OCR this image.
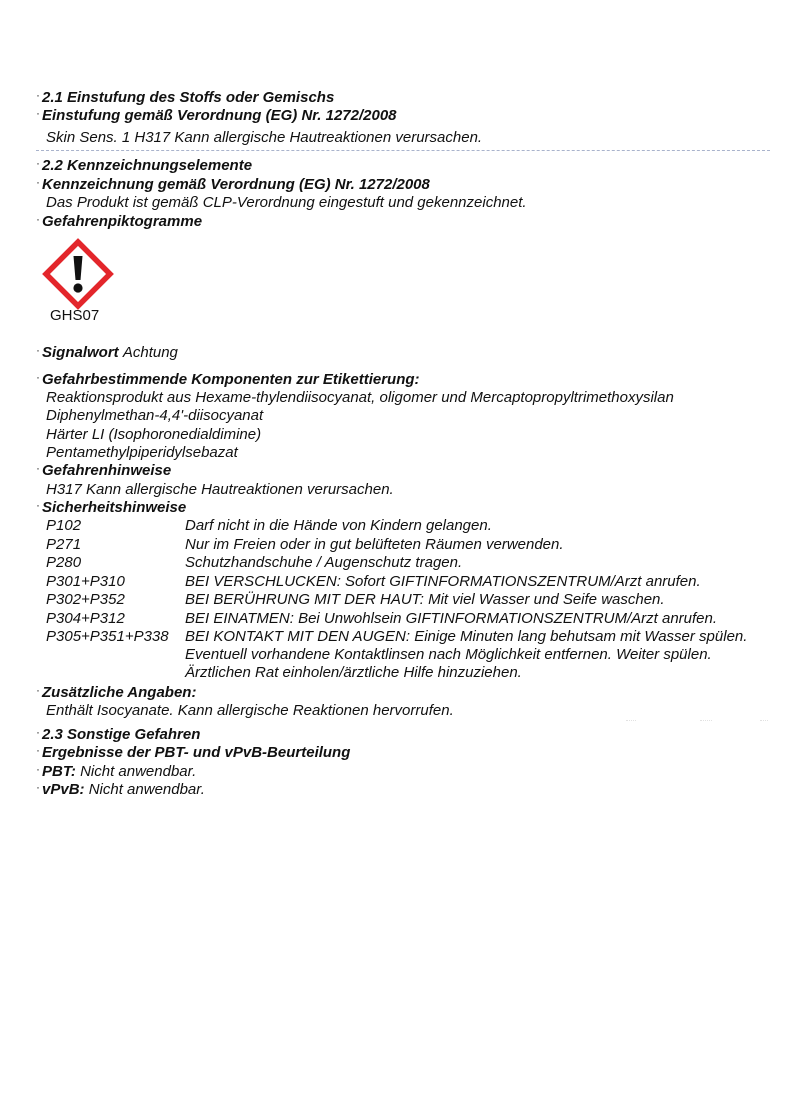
· 2.1 Einstufung des Stoffs oder Gemischs
· Einstufung gemäß Verordnung (EG) Nr. 1272/2008
Skin Sens. 1 H317 Kann allergische Hautreaktionen verursachen.
· 2.2 Kennzeichnungselemente
· Kennzeichnung gemäß Verordnung (EG) Nr. 1272/2008
Das Produkt ist gemäß CLP-Verordnung eingestuft und gekennzeichnet.
· Gefahrenpiktogramme
GHS07
· Signalwort Achtung
· Gefahrbestimmende Komponenten zur Etikettierung:
Reaktionsprodukt aus Hexame-thylendiisocyanat, oligomer und Mercaptopropyltrimethoxysilan
Diphenylmethan-4,4'-diisocyanat
Härter LI (Isophoronedialdimine)
Pentamethylpiperidylsebazat
· Gefahrenhinweise
H317 Kann allergische Hautreaktionen verursachen.
· Sicherheitshinweise
P102	Darf nicht in die Hände von Kindern gelangen.
P271	Nur im Freien oder in gut belüfteten Räumen verwenden.
P280	Schutzhandschuhe / Augenschutz tragen.
P301+P310	BEI VERSCHLUCKEN: Sofort GIFTINFORMATIONSZENTRUM/Arzt anrufen.
P302+P352	BEI BERÜHRUNG MIT DER HAUT: Mit viel Wasser und Seife waschen.
P304+P312	BEI EINATMEN: Bei Unwohlsein GIFTINFORMATIONSZENTRUM/Arzt anrufen.
P305+P351+P338 BEI KONTAKT MIT DEN AUGEN: Einige Minuten lang behutsam mit Wasser spülen. Eventuell vorhandene Kontaktlinsen nach Möglichkeit entfernen. Weiter spülen. Ärztlichen Rat einholen/ärztliche Hilfe hinzuziehen.
· Zusätzliche Angaben:
Enthält Isocyanate. Kann allergische Reaktionen hervorrufen.
· 2.3 Sonstige Gefahren
· Ergebnisse der PBT- und vPvB-Beurteilung
· PBT: Nicht anwendbar.
· vPvB: Nicht anwendbar.
